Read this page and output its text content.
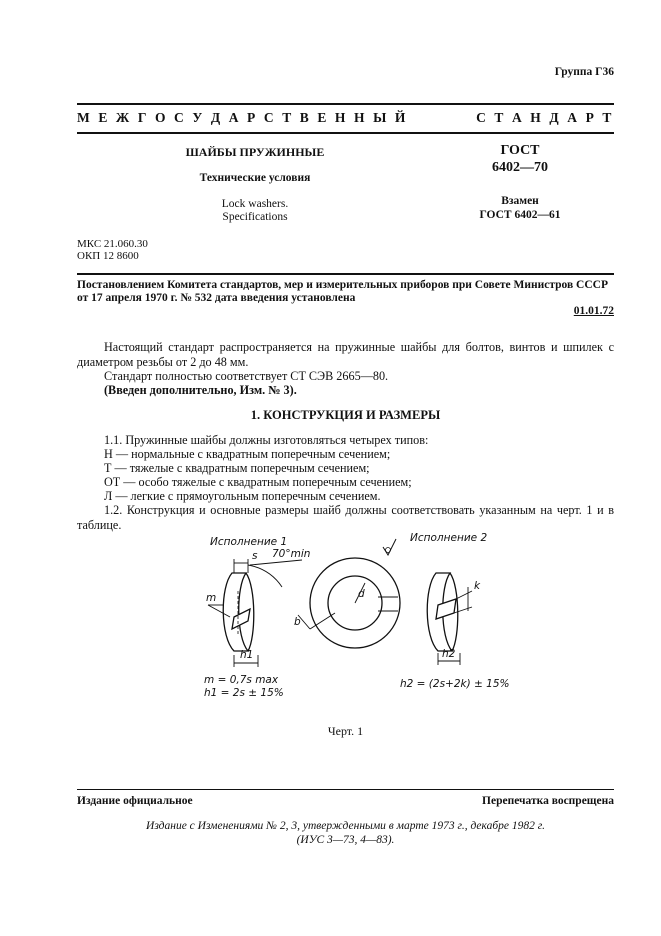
Группа Г36
М Е Ж Г О С У Д А Р С Т В Е Н Н Ы Й	С Т А Н Д А Р Т
ШАЙБЫ ПРУЖИННЫЕ
Технические условия
Lock washers.
Specifications
ГОСТ
6402—70
Взамен
ГОСТ 6402—61
МКС 21.060.30
ОКП 12 8600
Постановлением Комитета стандартов, мер и измерительных приборов при Совете Министров СССР от 17 апреля 1970 г. № 532 дата введения установлена
01.01.72
Настоящий стандарт распространяется на пружинные шайбы для болтов, винтов и шпилек с диаметром резьбы от 2 до 48 мм.
Стандарт полностью соответствует СТ СЭВ 2665—80.
(Введен дополнительно, Изм. № 3).
1. КОНСТРУКЦИЯ И РАЗМЕРЫ
1.1. Пружинные шайбы должны изготовляться четырех типов:
Н — нормальные с квадратным поперечным сечением;
Т — тяжелые с квадратным поперечным сечением;
ОТ — особо тяжелые с квадратным поперечным сечением;
Л — легкие с прямоугольным поперечным сечением.
1.2. Конструкция и основные размеры шайб должны соответствовать указанным на черт. 1 и в таблице.
Исполнение 1	Исполнение 2
s 70°min
m
h1
d
b
k
h2
m = 0,7s max
h1 = 2s ± 15%
h2 = (2s+2k) ± 15%
Черт. 1
Издание официальное	Перепечатка воспрещена
Издание с Изменениями № 2, 3, утвержденными в марте 1973 г., декабре 1982 г.
(ИУС 3—73, 4—83).
